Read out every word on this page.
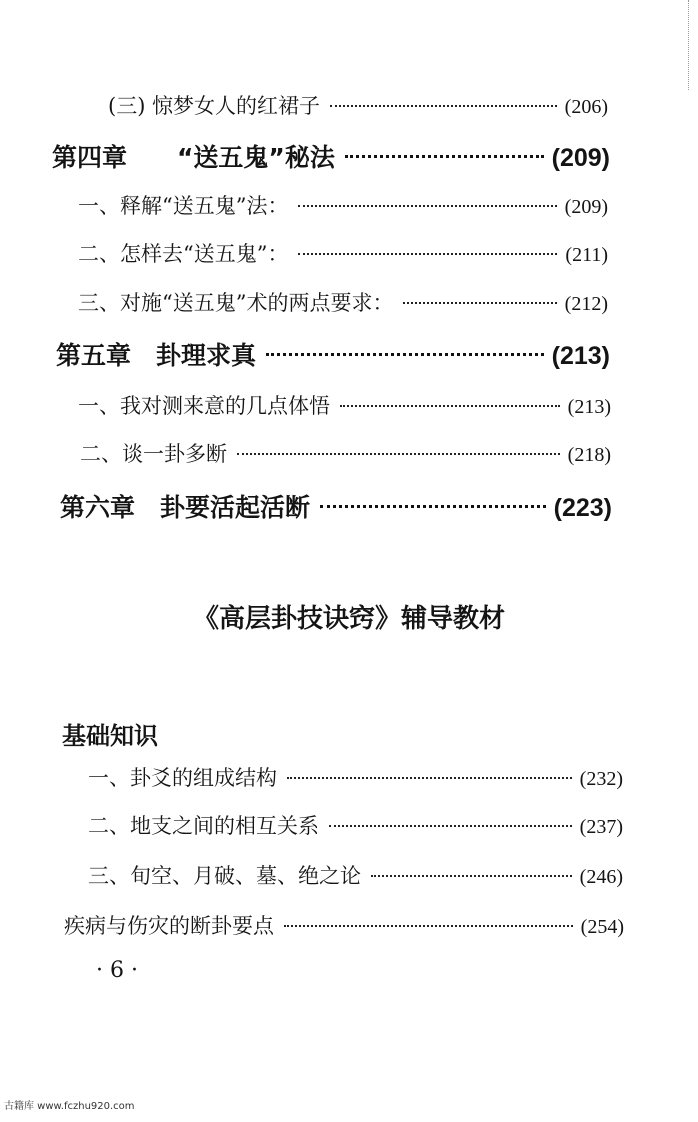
(三) 惊梦女人的红裙子	(206)
第四章　　“送五鬼”秘法	(209)
一、释解“送五鬼”法：	(209)
二、怎样去“送五鬼”：	(211)
三、对施“送五鬼”术的两点要求：	(212)
第五章　卦理求真	(213)
一、我对测来意的几点体悟	(213)
二、谈一卦多断	(218)
第六章　卦要活起活断	(223)
《高层卦技诀窍》辅导教材
基础知识
一、卦爻的组成结构	(232)
二、地支之间的相互关系	(237)
三、旬空、月破、墓、绝之论	(246)
疾病与伤灾的断卦要点	(254)
· 6 ·
古籍库 www.fczhu920.com
